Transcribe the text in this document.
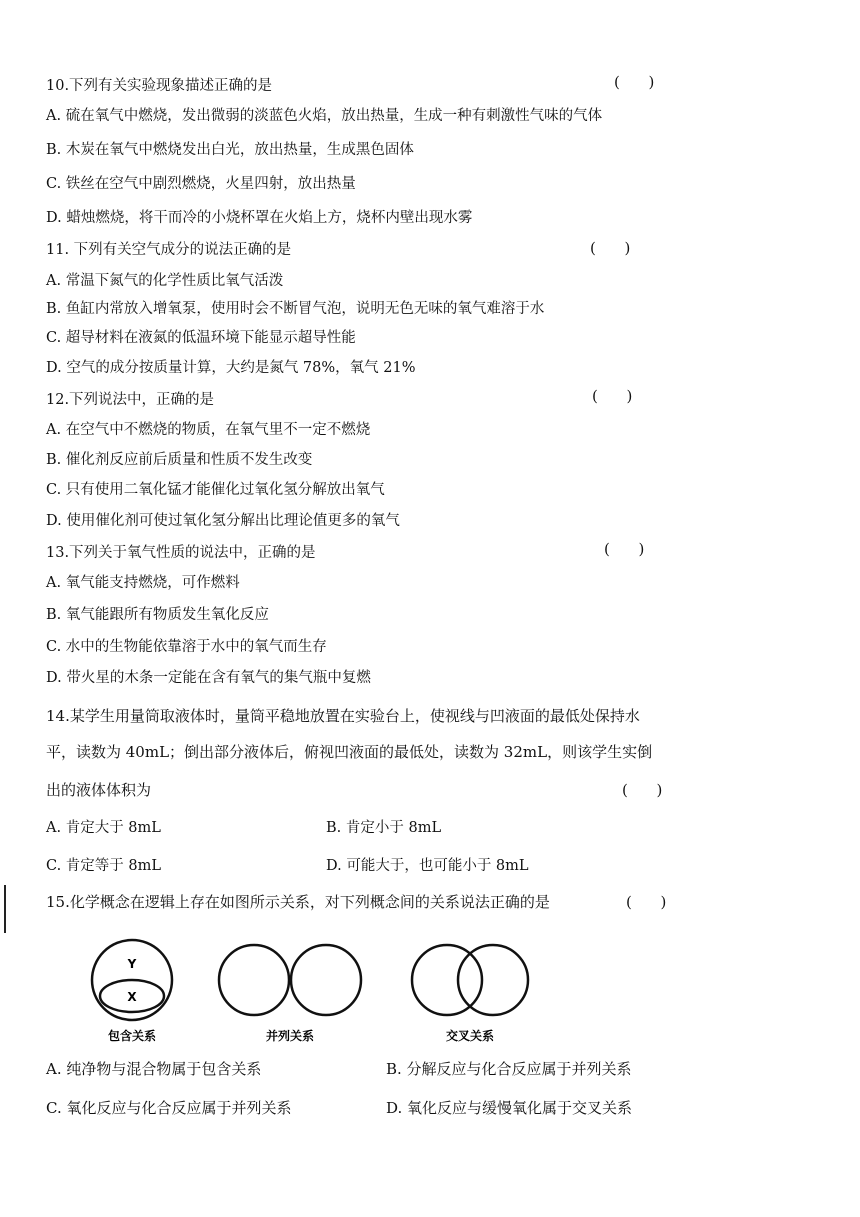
10.下列有关实验现象描述正确的是	(      )
A. 硫在氧气中燃烧，发出微弱的淡蓝色火焰，放出热量，生成一种有刺激性气味的气体
B. 木炭在氧气中燃烧发出白光，放出热量，生成黑色固体
C. 铁丝在空气中剧烈燃烧，火星四射，放出热量
D. 蜡烛燃烧，将干而冷的小烧杯罩在火焰上方，烧杯内壁出现水雾
11. 下列有关空气成分的说法正确的是	(      )
A. 常温下氮气的化学性质比氧气活泼
B. 鱼缸内常放入增氧泵，使用时会不断冒气泡，说明无色无味的氧气难溶于水
C. 超导材料在液氮的低温环境下能显示超导性能
D. 空气的成分按质量计算，大约是氮气 78%，氧气 21%
12.下列说法中，正确的是	(      )
A. 在空气中不燃烧的物质，在氧气里不一定不燃烧
B. 催化剂反应前后质量和性质不发生改变
C. 只有使用二氧化锰才能催化过氧化氢分解放出氧气
D. 使用催化剂可使过氧化氢分解出比理论值更多的氧气
13.下列关于氧气性质的说法中，正确的是	(      )
A. 氧气能支持燃烧，可作燃料
B. 氧气能跟所有物质发生氧化反应
C. 水中的生物能依靠溶于水中的氧气而生存
D. 带火星的木条一定能在含有氧气的集气瓶中复燃
14.某学生用量筒取液体时，量筒平稳地放置在实验台上，使视线与凹液面的最低处保持水
平，读数为 40mL；倒出部分液体后，俯视凹液面的最低处，读数为 32mL，则该学生实倒
出的液体体积为	(      )
A. 肯定大于 8mL	B. 肯定小于 8mL
C. 肯定等于 8mL	D. 可能大于，也可能小于 8mL
15.化学概念在逻辑上存在如图所示关系，对下列概念间的关系说法正确的是	(      )
Y
X
包含关系	并列关系	交叉关系
A. 纯净物与混合物属于包含关系	B. 分解反应与化合反应属于并列关系
C. 氧化反应与化合反应属于并列关系	D. 氧化反应与缓慢氧化属于交叉关系
